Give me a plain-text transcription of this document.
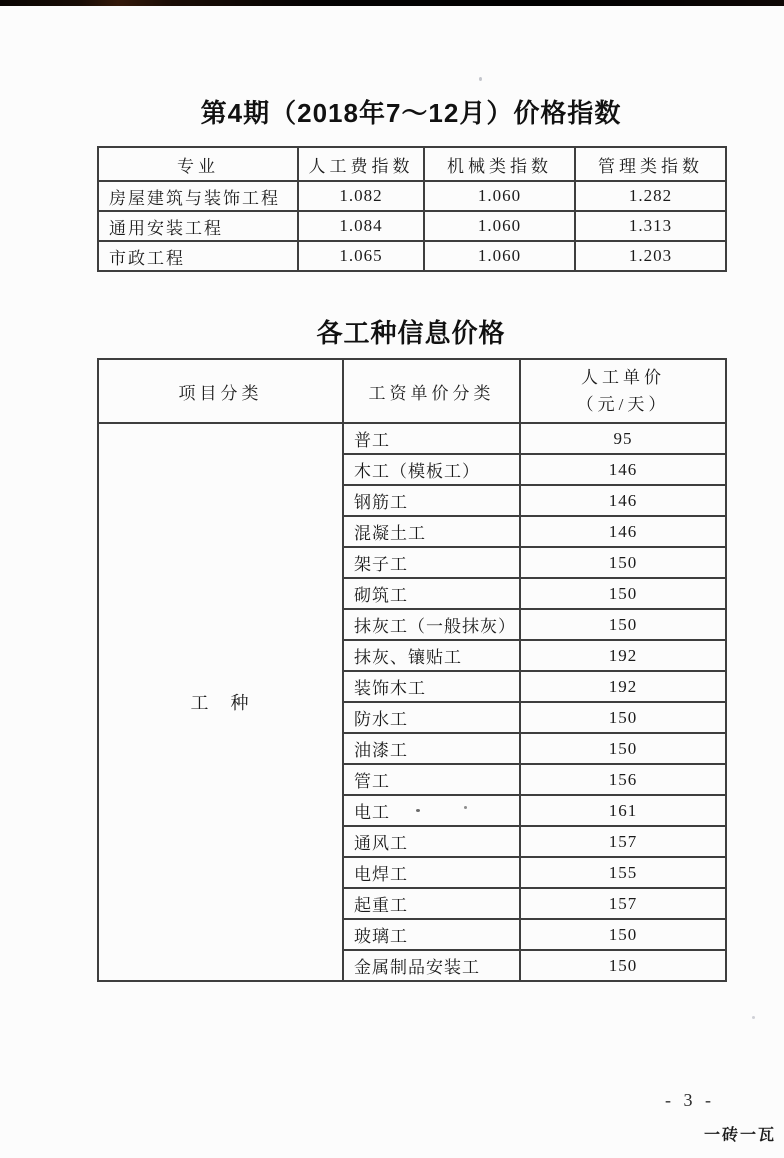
第4期（2018年7～12月）价格指数
专业	人工费指数	机械类指数	管理类指数
房屋建筑与装饰工程	1.082	1.060	1.282
通用安装工程	1.084	1.060	1.313
市政工程	1.065	1.060	1.203
各工种信息价格
项目分类	工资单价分类	人工单价
（元/天）

工　种	普工	95
	木工（模板工）	146
	钢筋工	146
	混凝土工	146
	架子工	150
	砌筑工	150
	抹灰工（一般抹灰）	150
	抹灰、镶贴工	192
	装饰木工	192
	防水工	150
	油漆工	150
	管工	156
	电工	161
	通风工	157
	电焊工	155
	起重工	157
	玻璃工	150
	金属制品安装工	150
- 3 -
一砖一瓦
